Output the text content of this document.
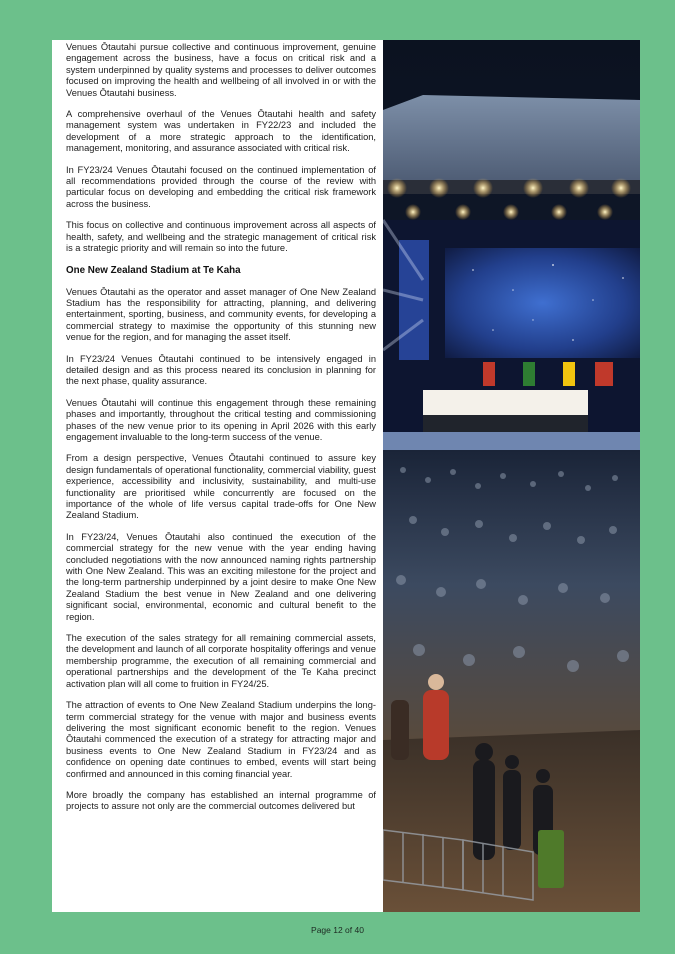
Venues Ōtautahi pursue collective and continuous improvement, genuine engagement across the business, have a focus on critical risk and a system underpinned by quality systems and processes to deliver outcomes focused on improving the health and wellbeing of all involved in or with the Venues Ōtautahi business.

A comprehensive overhaul of the Venues Ōtautahi health and safety management system was undertaken in FY22/23 and included the development of a more strategic approach to the identification, management, monitoring, and assurance associated with critical risk.

In FY23/24 Venues Ōtautahi focused on the continued implementation of all recommendations provided through the course of the review with particular focus on developing and embedding the critical risk framework across the business.

This focus on collective and continuous improvement across all aspects of health, safety, and wellbeing and the strategic management of critical risk is a strategic priority and will remain so into the future.

One New Zealand Stadium at Te Kaha

Venues Ōtautahi as the operator and asset manager of One New Zealand Stadium has the responsibility for attracting, planning, and delivering entertainment, sporting, business, and community events, for developing a commercial strategy to maximise the opportunity of this stunning new venue for the region, and for managing the asset itself.

In FY23/24 Venues Ōtautahi continued to be intensively engaged in detailed design and as this process neared its conclusion in planning for the next phase, quality assurance.

Venues Ōtautahi will continue this engagement through these remaining phases and importantly, throughout the critical testing and commissioning phases of the new venue prior to its opening in April 2026 with this early engagement invaluable to the long-term success of the venue.

From a design perspective, Venues Ōtautahi continued to assure key design fundamentals of operational functionality, commercial viability, guest experience, accessibility and inclusivity, sustainability, and multi-use functionality are prioritised while concurrently are focused on the importance of the whole of life versus capital trade-offs for One New Zealand Stadium.

In FY23/24, Venues Ōtautahi also continued the execution of the commercial strategy for the new venue with the year ending having concluded negotiations with the now announced naming rights partnership with One New Zealand. This was an exciting milestone for the project and the long-term partnership underpinned by a joint desire to make One New Zealand Stadium the best venue in New Zealand and one delivering significant social, environmental, economic and cultural benefit to the region.

The execution of the sales strategy for all remaining commercial assets, the development and launch of all corporate hospitality offerings and venue membership programme, the execution of all remaining commercial and operational partnerships and the development of the Te Kaha precinct activation plan will all come to fruition in FY24/25.

The attraction of events to One New Zealand Stadium underpins the long-term commercial strategy for the venue with major and business events delivering the most significant economic benefit to the region. Venues Ōtautahi commenced the execution of a strategy for attracting major and business events to One New Zealand Stadium in FY23/24 and as confidence on opening date continues to embed, events will start being confirmed and announced in this coming financial year.

More broadly the company has established an internal programme of projects to assure not only are the commercial outcomes delivered but

Page 12 of 40
